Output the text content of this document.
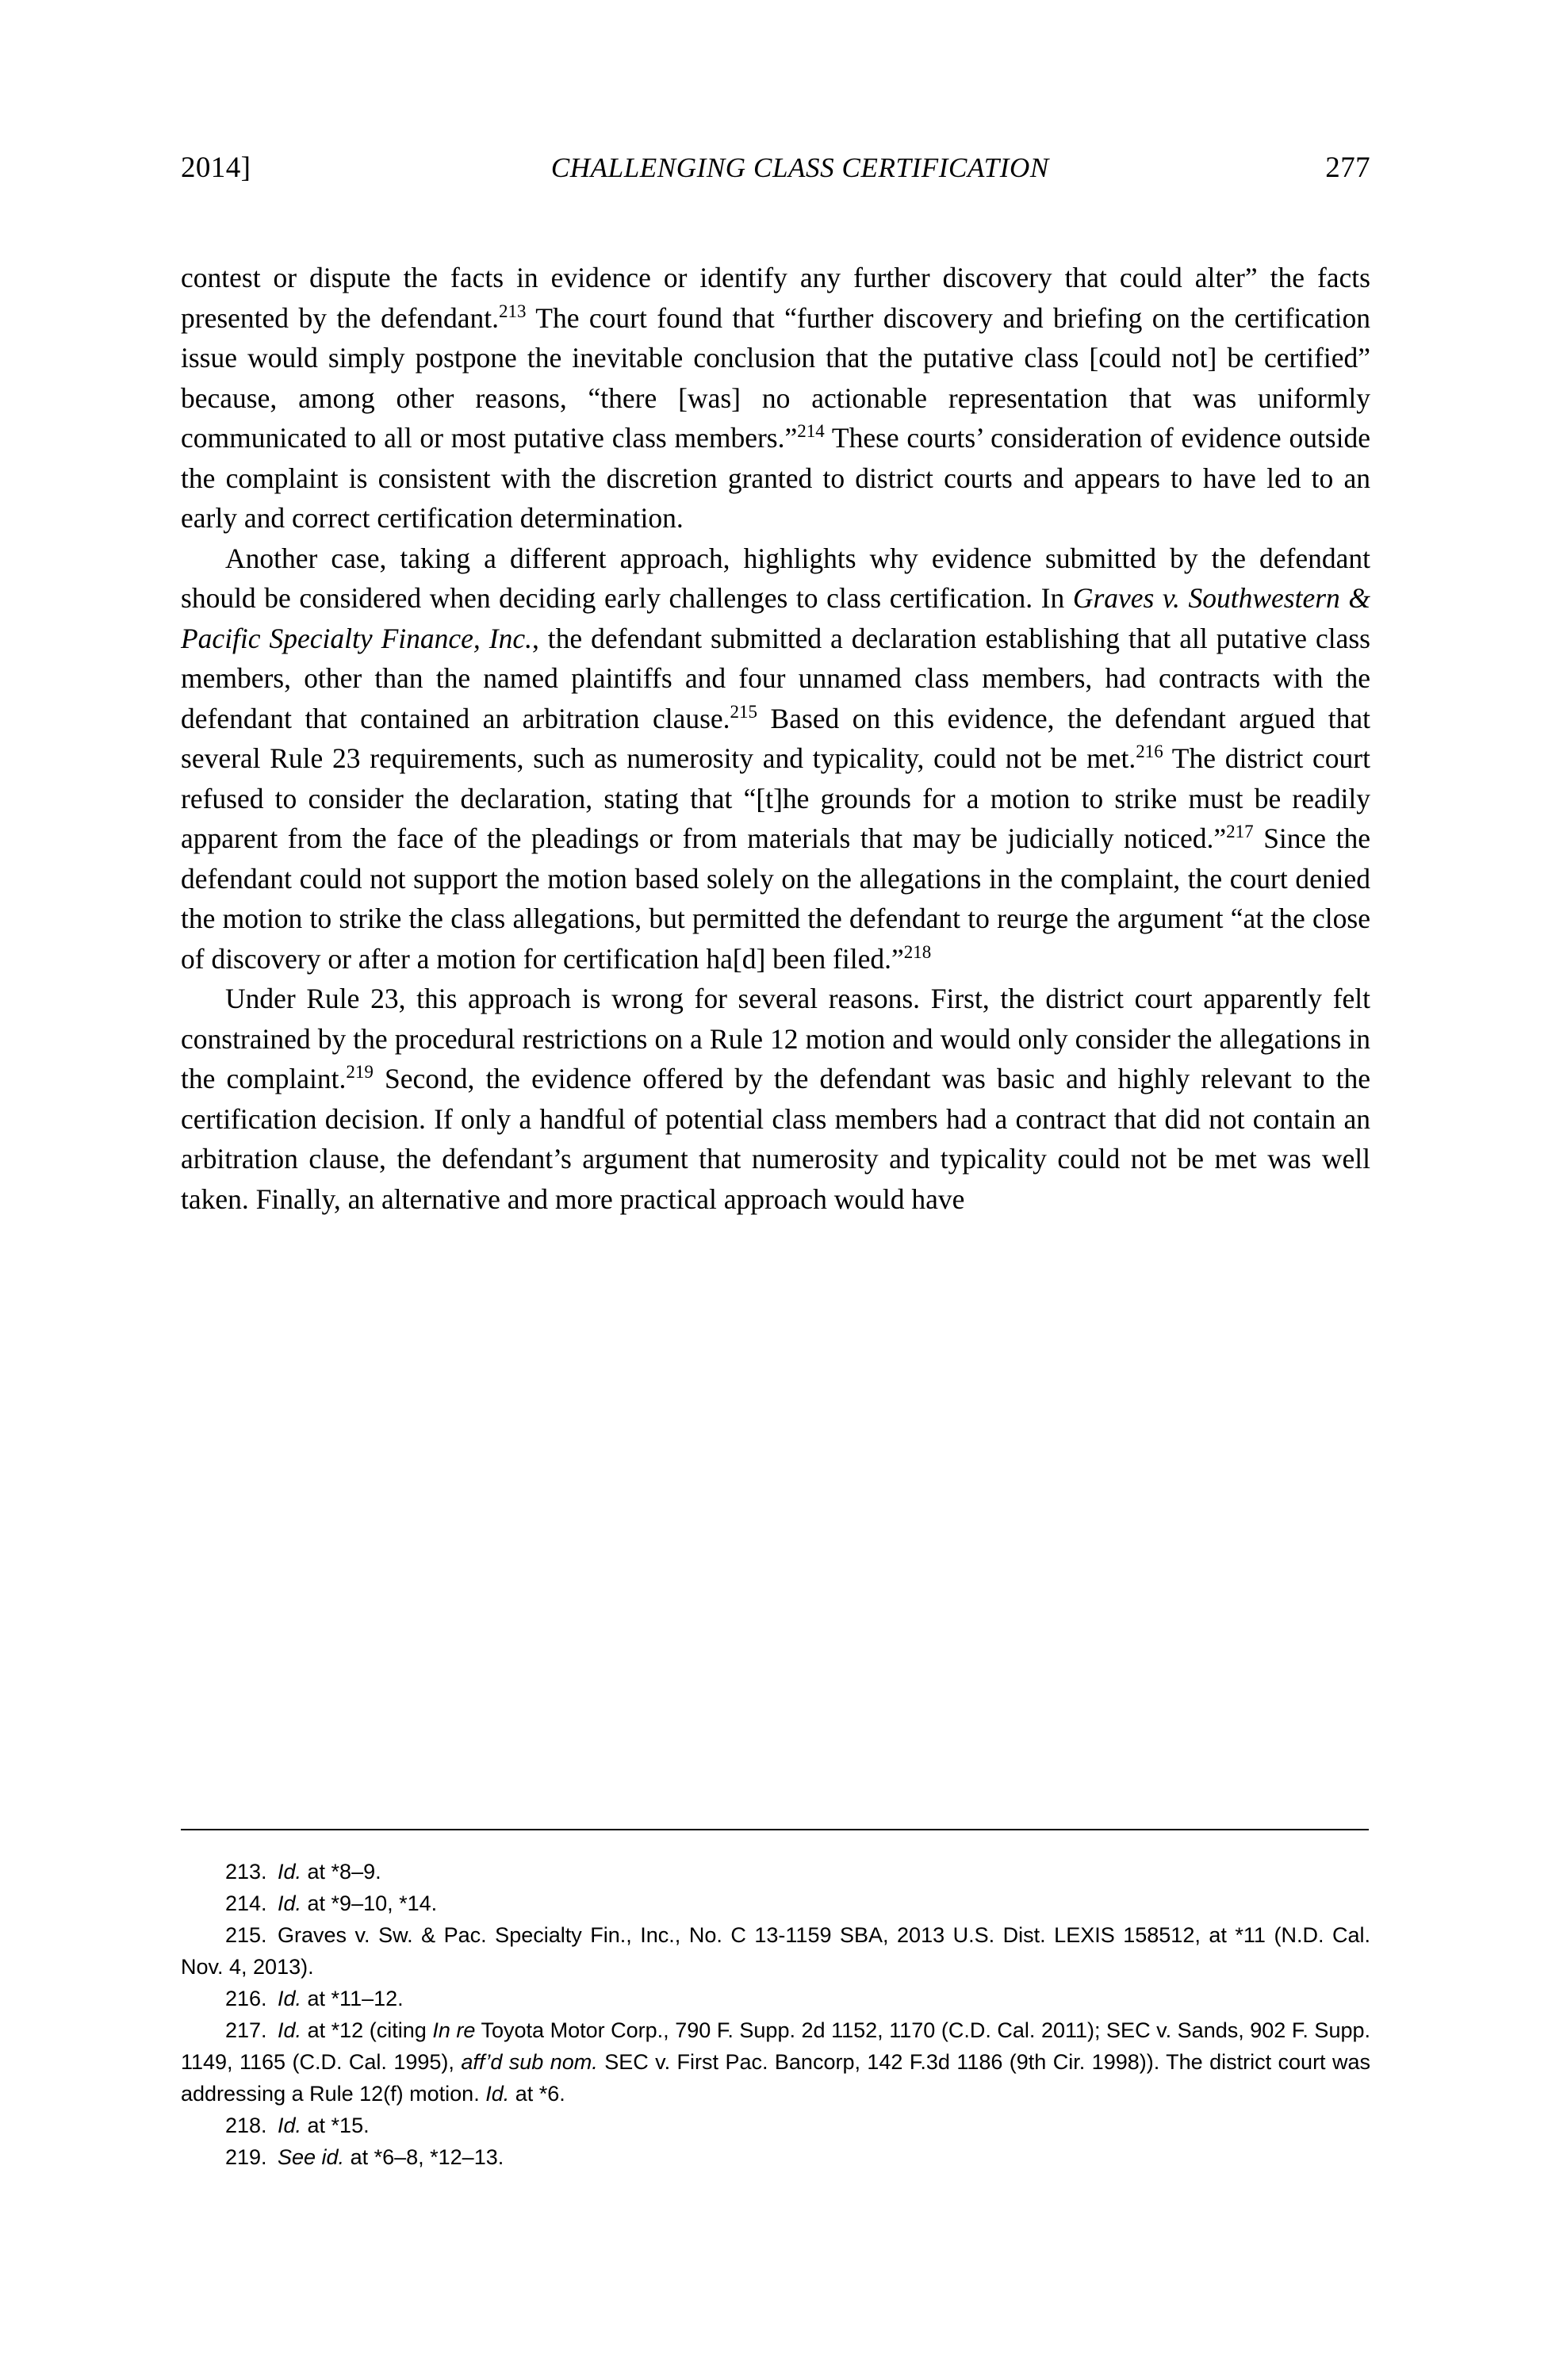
2014]	CHALLENGING CLASS CERTIFICATION	277

contest or dispute the facts in evidence or identify any further discovery that could alter” the facts presented by the defendant.$^{213}$ The court found that “further discovery and briefing on the certification issue would simply postpone the inevitable conclusion that the putative class [could not] be certified” because, among other reasons, “there [was] no actionable representation that was uniformly communicated to all or most putative class members.”$^{214}$ These courts’ consideration of evidence outside the complaint is consistent with the discretion granted to district courts and appears to have led to an early and correct certification determination.

Another case, taking a different approach, highlights why evidence submitted by the defendant should be considered when deciding early challenges to class certification. In Graves v. Southwestern & Pacific Specialty Finance, Inc., the defendant submitted a declaration establishing that all putative class members, other than the named plaintiffs and four unnamed class members, had contracts with the defendant that contained an arbitration clause.$^{215}$ Based on this evidence, the defendant argued that several Rule 23 requirements, such as numerosity and typicality, could not be met.$^{216}$ The district court refused to consider the declaration, stating that “[t]he grounds for a motion to strike must be readily apparent from the face of the pleadings or from materials that may be judicially noticed.”$^{217}$ Since the defendant could not support the motion based solely on the allegations in the complaint, the court denied the motion to strike the class allegations, but permitted the defendant to reurge the argument “at the close of discovery or after a motion for certification ha[d] been filed.”$^{218}$

Under Rule 23, this approach is wrong for several reasons. First, the district court apparently felt constrained by the procedural restrictions on a Rule 12 motion and would only consider the allegations in the complaint.$^{219}$ Second, the evidence offered by the defendant was basic and highly relevant to the certification decision. If only a handful of potential class members had a contract that did not contain an arbitration clause, the defendant’s argument that numerosity and typicality could not be met was well taken. Finally, an alternative and more practical approach would have

213. Id. at *8–9.

214. Id. at *9–10, *14.

215. Graves v. Sw. & Pac. Specialty Fin., Inc., No. C 13-1159 SBA, 2013 U.S. Dist. LEXIS 158512, at *11 (N.D. Cal. Nov. 4, 2013).

216. Id. at *11–12.

217. Id. at *12 (citing In re Toyota Motor Corp., 790 F. Supp. 2d 1152, 1170 (C.D. Cal. 2011); SEC v. Sands, 902 F. Supp. 1149, 1165 (C.D. Cal. 1995), aff’d sub nom. SEC v. First Pac. Bancorp, 142 F.3d 1186 (9th Cir. 1998)). The district court was addressing a Rule 12(f) motion. Id. at *6.

218. Id. at *15.

219. See id. at *6–8, *12–13.
